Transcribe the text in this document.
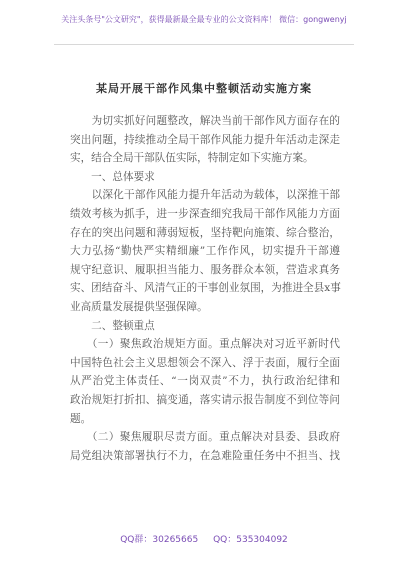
关注头条号"公文研究"，获得最新最全最专业的公文资料库！ 微信：gongwenyj
某局开展干部作风集中整顿活动实施方案
　　为切实抓好问题整改，解决当前干部作风方面存在的
突出问题，持续推动全局干部作风能力提升年活动走深走
实，结合全局干部队伍实际，特制定如下实施方案。
　　一、总体要求
　　以深化干部作风能力提升年活动为载体，以深推干部
绩效考核为抓手，进一步深查细究我局干部作风能力方面
存在的突出问题和薄弱短板，坚持靶向施策、综合整治，
大力弘扬“勤快严实精细廉”工作作风，切实提升干部遵
规守纪意识、履职担当能力、服务群众本领，营造求真务
实、团结奋斗、风清气正的干事创业氛围，为推进全县x事
业高质量发展提供坚强保障。
　　二、整顿重点
　　（一）聚焦政治规矩方面。重点解决对习近平新时代
中国特色社会主义思想领会不深入、浮于表面，履行全面
从严治党主体责任、“一岗双责”不力，执行政治纪律和
政治规矩打折扣、搞变通，落实请示报告制度不到位等问
题。
　　（二）聚焦履职尽责方面。重点解决对县委、县政府
局党组决策部署执行不力，在急难险重任务中不担当、找
QQ群：30265665 QQ：535304092
